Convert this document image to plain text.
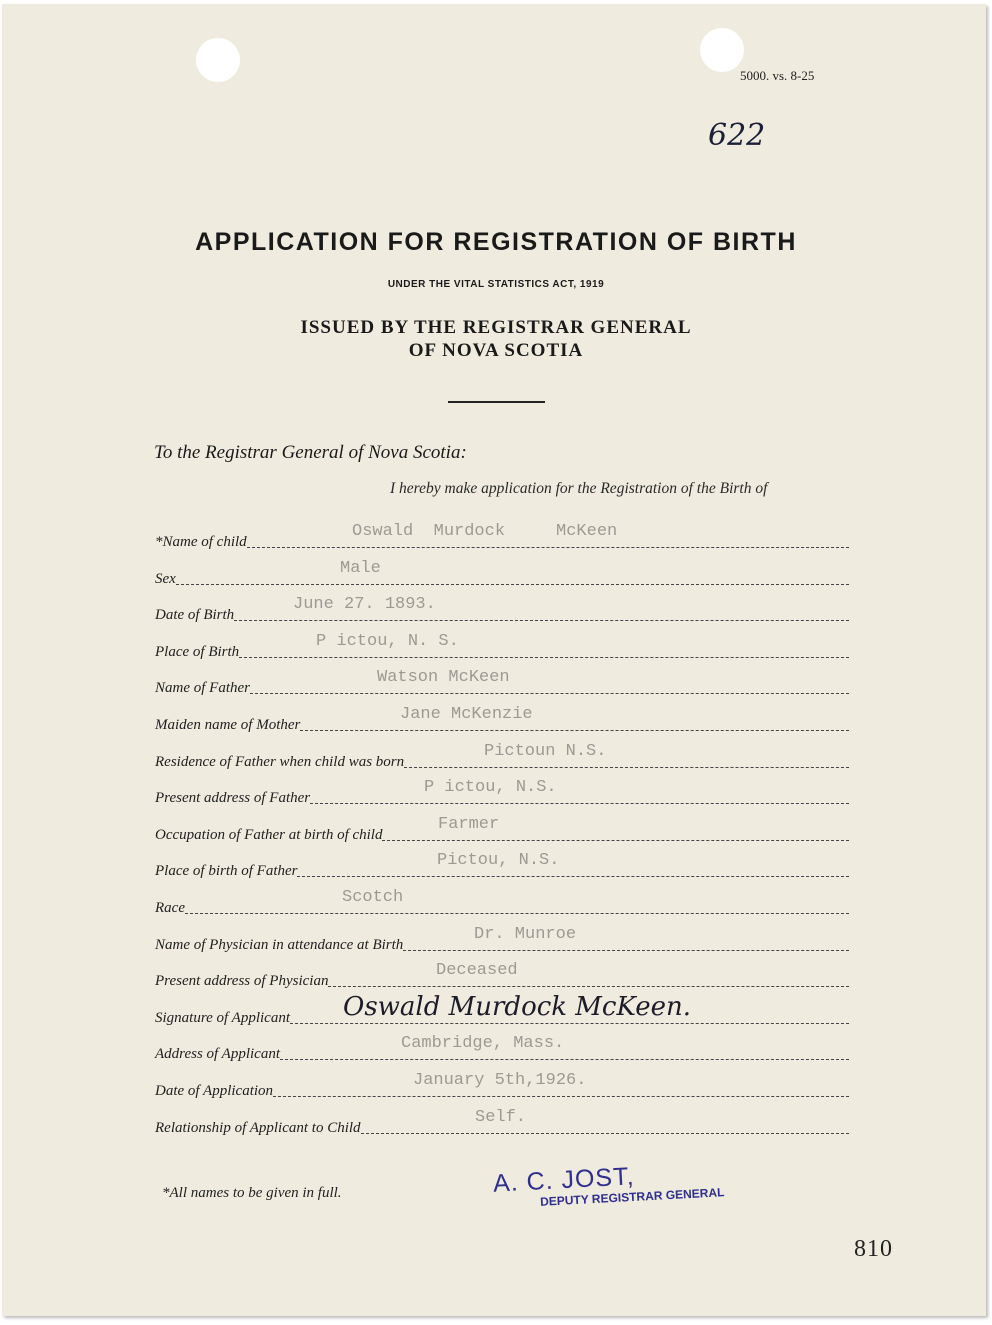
5000. vs. 8-25
622
APPLICATION FOR REGISTRATION OF BIRTH
UNDER THE VITAL STATISTICS ACT, 1919
ISSUED BY THE REGISTRAR GENERAL
OF NOVA SCOTIA
To the Registrar General of Nova Scotia:
I hereby make application for the Registration of the Birth of
*Name of child
Oswald  Murdock     McKeen
Sex
Male
Date of Birth
June 27. 1893.
Place of Birth
P ictou, N. S.
Name of Father
Watson McKeen
Maiden name of Mother
Jane McKenzie
Residence of Father when child was born
Pictoun N.S.
Present address of Father
P ictou, N.S.
Occupation of Father at birth of child
Farmer
Place of birth of Father
Pictou, N.S.
Race
Scotch
Name of Physician in attendance at Birth
Dr. Munroe
Present address of Physician
Deceased
Signature of Applicant Oswald Murdock McKeen.
Address of Applicant
Cambridge, Mass.
Date of Application
January 5th,1926.
Relationship of Applicant to Child
Self.
*All names to be given in full.	A. C. JOST,
DEPUTY REGISTRAR GENERAL
810
